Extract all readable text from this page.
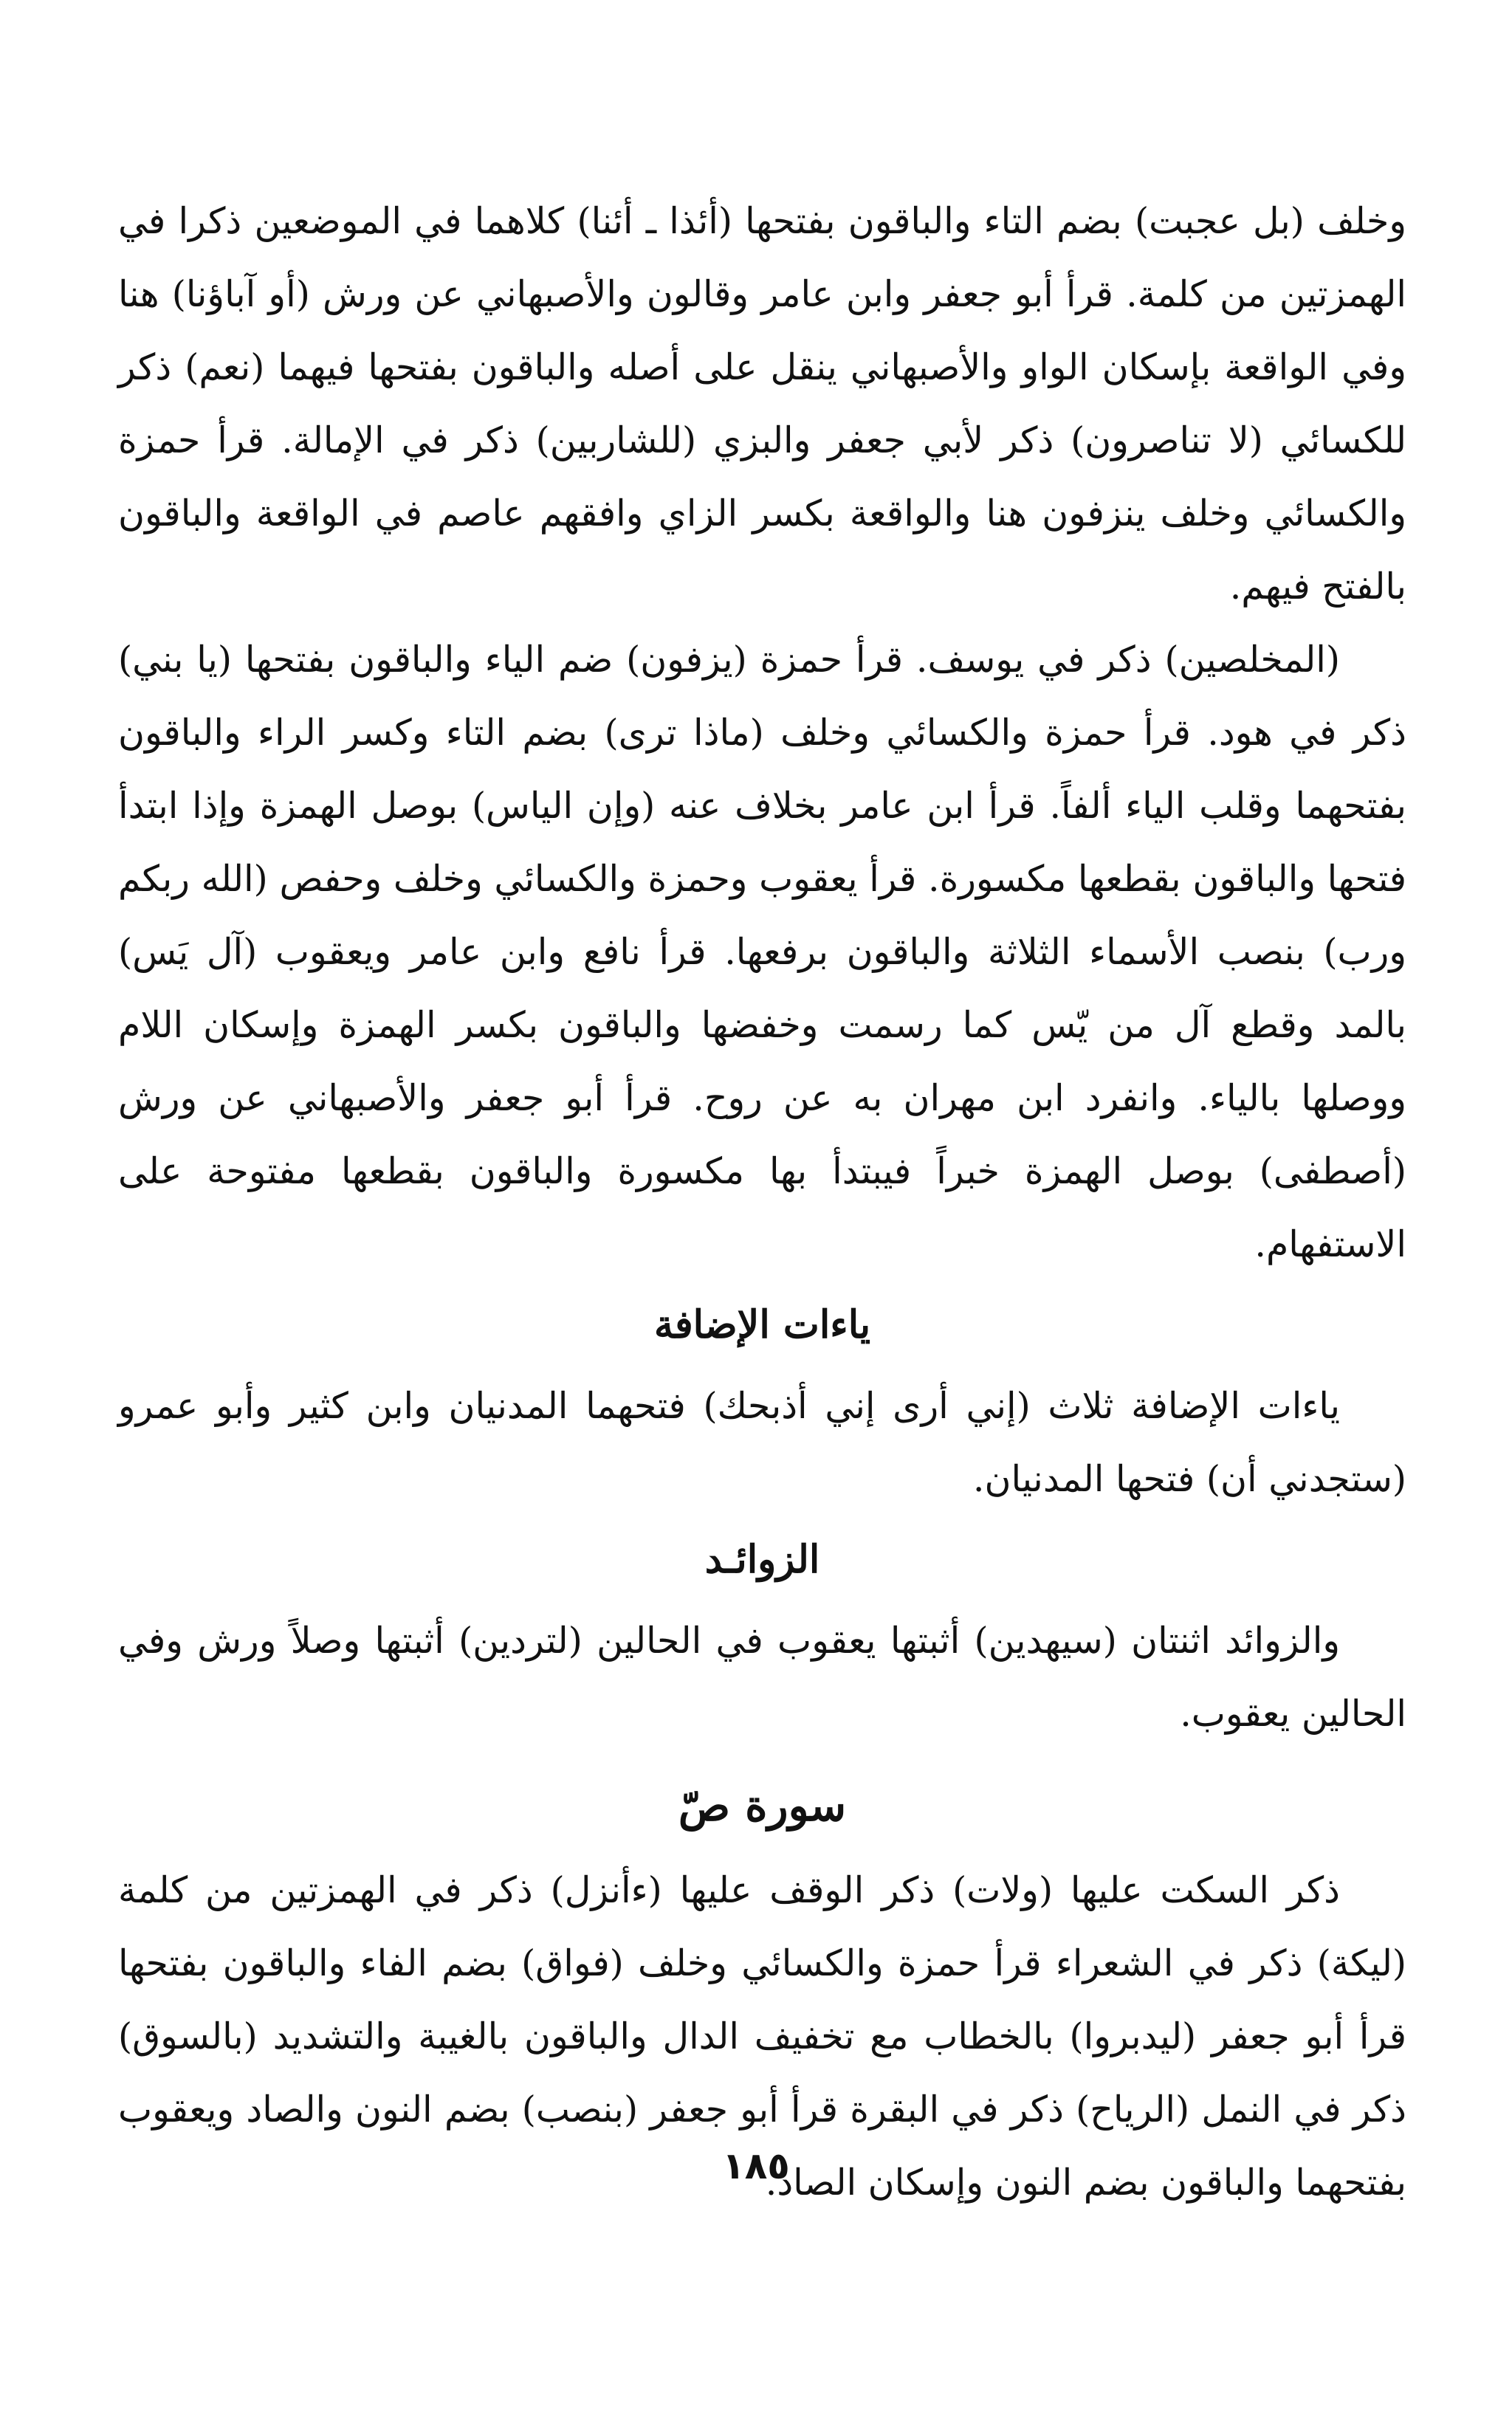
وخلف (بل عجبت) بضم التاء والباقون بفتحها (أئذا ـ أئنا) كلاهما في الموضعين ذكرا في الهمزتين من كلمة. قرأ أبو جعفر وابن عامر وقالون والأصبهاني عن ورش (أو آباؤنا) هنا وفي الواقعة بإسكان الواو والأصبهاني ينقل على أصله والباقون بفتحها فيهما (نعم) ذكر للكسائي (لا تناصرون) ذكر لأبي جعفر والبزي (للشاربين) ذكر في الإمالة. قرأ حمزة والكسائي وخلف ينزفون هنا والواقعة بكسر الزاي وافقهم عاصم في الواقعة والباقون بالفتح فيهم.

(المخلصين) ذكر في يوسف. قرأ حمزة (يزفون) ضم الياء والباقون بفتحها (يا بني) ذكر في هود. قرأ حمزة والكسائي وخلف (ماذا ترى) بضم التاء وكسر الراء والباقون بفتحهما وقلب الياء ألفاً. قرأ ابن عامر بخلاف عنه (وإن الياس) بوصل الهمزة وإذا ابتدأ فتحها والباقون بقطعها مكسورة. قرأ يعقوب وحمزة والكسائي وخلف وحفص (الله ربكم ورب) بنصب الأسماء الثلاثة والباقون برفعها. قرأ نافع وابن عامر ويعقوب (آل يَس) بالمد وقطع آل من يّس كما رسمت وخفضها والباقون بكسر الهمزة وإسكان اللام ووصلها بالياء. وانفرد ابن مهران به عن روح. قرأ أبو جعفر والأصبهاني عن ورش (أصطفى) بوصل الهمزة خبراً فيبتدأ بها مكسورة والباقون بقطعها مفتوحة على الاستفهام.

ياءات الإضافة

ياءات الإضافة ثلاث (إني أرى إني أذبحك) فتحهما المدنيان وابن كثير وأبو عمرو (ستجدني أن) فتحها المدنيان.

الزوائـد

والزوائد اثنتان (سيهدين) أثبتها يعقوب في الحالين (لتردين) أثبتها وصلاً ورش وفي الحالين يعقوب.

سورة صّ

ذكر السكت عليها (ولات) ذكر الوقف عليها (ءأنزل) ذكر في الهمزتين من كلمة (ليكة) ذكر في الشعراء قرأ حمزة والكسائي وخلف (فواق) بضم الفاء والباقون بفتحها قرأ أبو جعفر (ليدبروا) بالخطاب مع تخفيف الدال والباقون بالغيبة والتشديد (بالسوق) ذكر في النمل (الرياح) ذكر في البقرة قرأ أبو جعفر (بنصب) بضم النون والصاد ويعقوب بفتحهما والباقون بضم النون وإسكان الصاد.

١٨٥
